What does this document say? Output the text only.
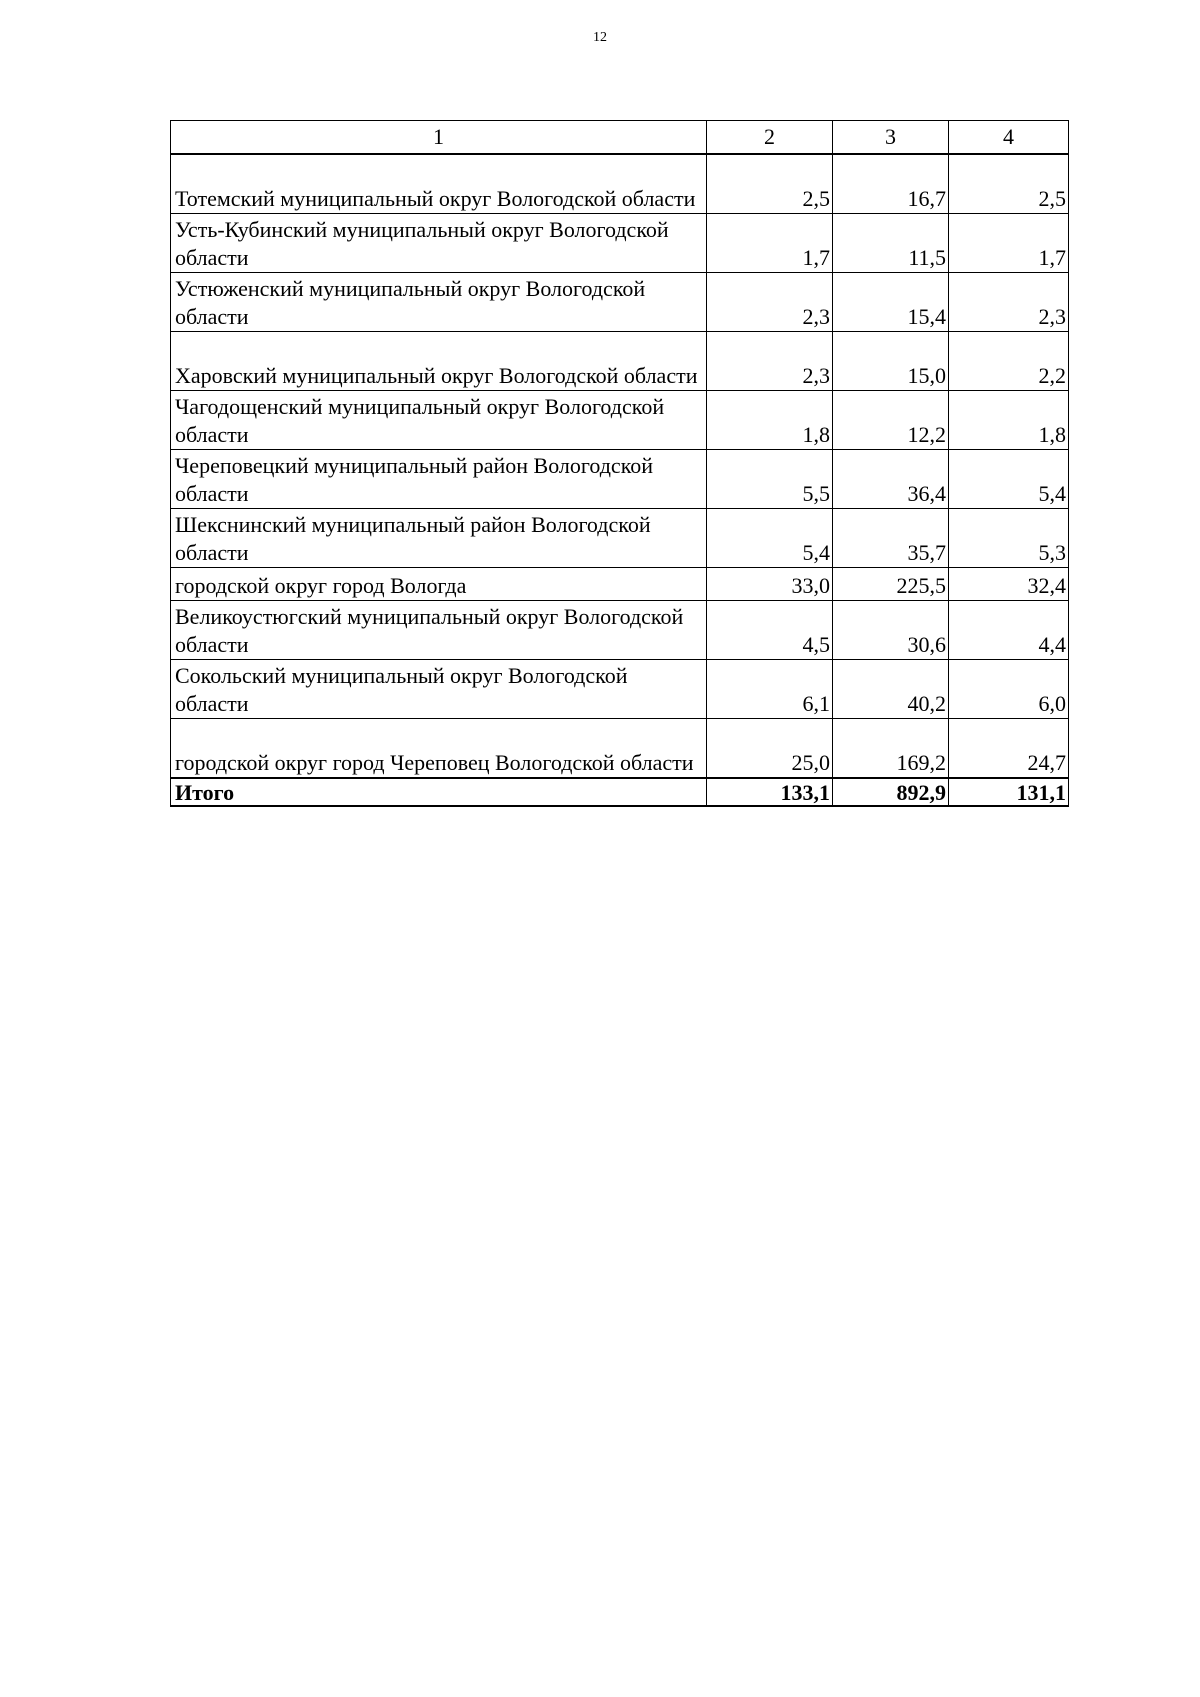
12
1	2	3	4
Тотемский муниципальный округ Вологодской области	2,5	16,7	2,5
Усть-Кубинский муниципальный округ Вологодской области	1,7	11,5	1,7
Устюженский муниципальный округ Вологодской области	2,3	15,4	2,3
Харовский муниципальный округ Вологодской области	2,3	15,0	2,2
Чагодощенский муниципальный округ Вологодской области	1,8	12,2	1,8
Череповецкий муниципальный район Вологодской области	5,5	36,4	5,4
Шекснинский муниципальный район Вологодской области	5,4	35,7	5,3
городской округ город Вологда	33,0	225,5	32,4
Великоустюгский муниципальный округ Вологодской области	4,5	30,6	4,4
Сокольский муниципальный округ Вологодской области	6,1	40,2	6,0
городской округ город Череповец Вологодской области	25,0	169,2	24,7
Итого	133,1	892,9	131,1
